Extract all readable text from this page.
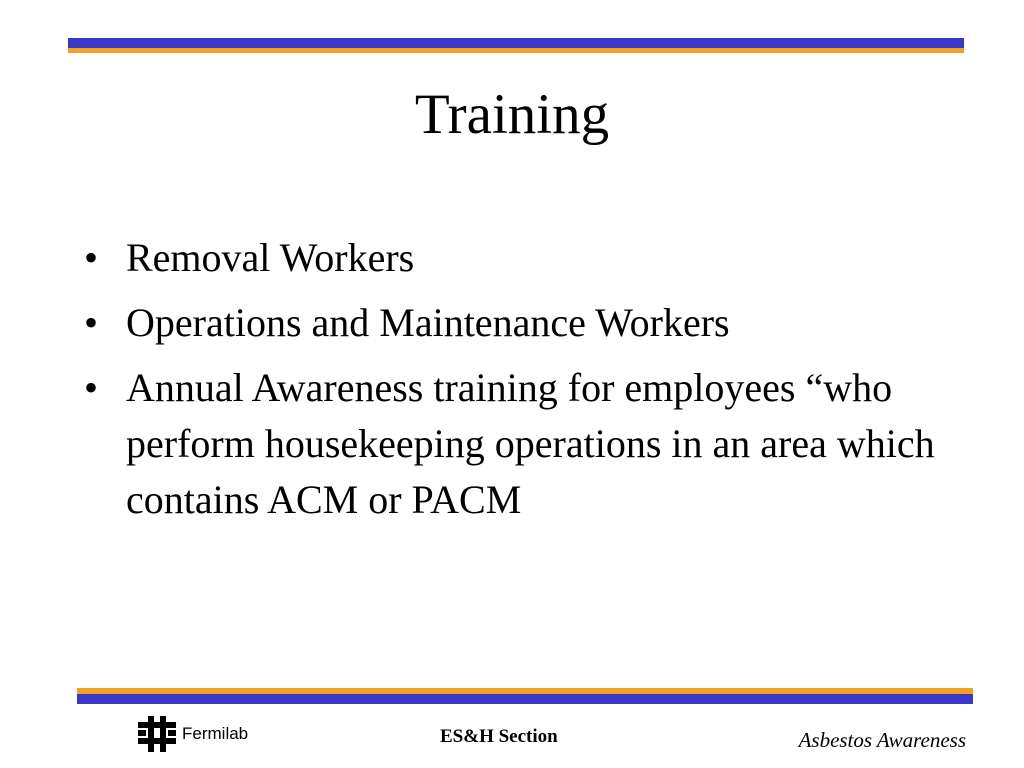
Training
• Removal Workers
• Operations and Maintenance Workers
• Annual Awareness training for employees “who perform housekeeping operations in an area which contains ACM or PACM
Fermilab	ES&H Section	Asbestos Awareness
